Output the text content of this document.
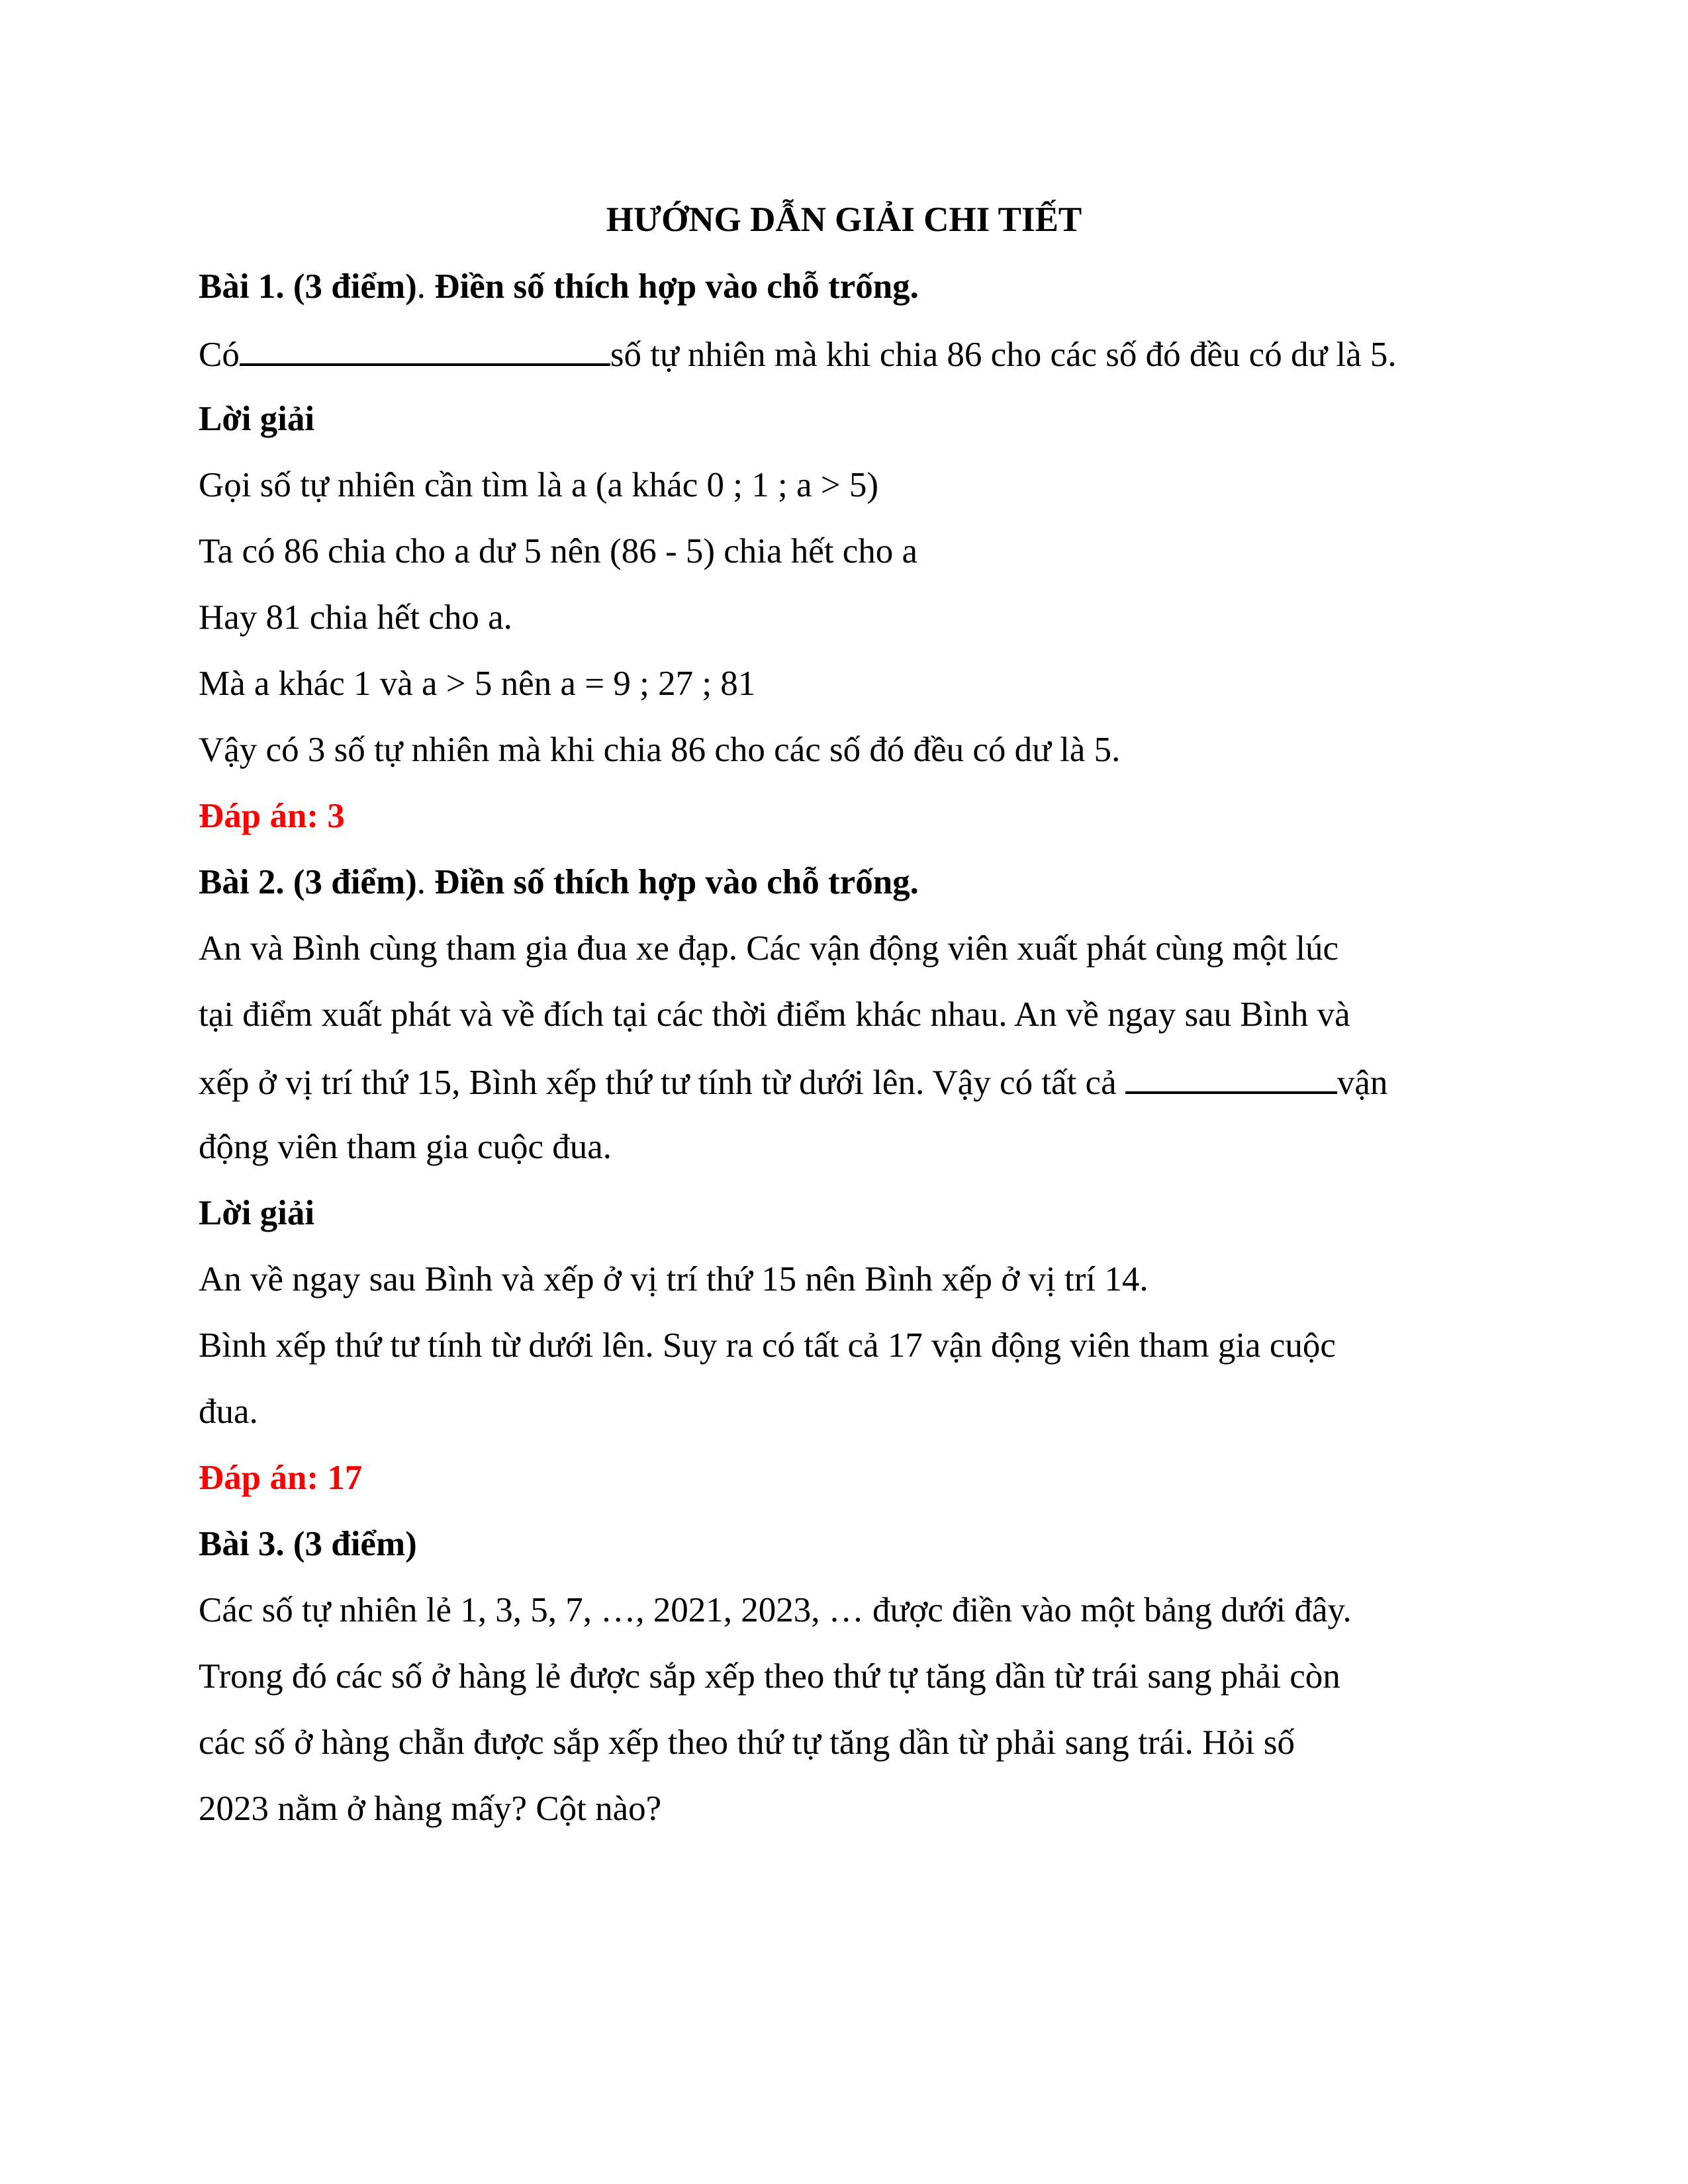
HƯỚNG DẪN GIẢI CHI TIẾT
Bài 1. (3 điểm). Điền số thích hợp vào chỗ trống.
Có	số tự nhiên mà khi chia 86 cho các số đó đều có dư là 5.
Lời giải
Gọi số tự nhiên cần tìm là a (a khác 0 ; 1 ; a > 5)
Ta có 86 chia cho a dư 5 nên (86 - 5) chia hết cho a
Hay 81 chia hết cho a.
Mà a khác 1 và a > 5 nên a = 9 ; 27 ; 81
Vậy có 3 số tự nhiên mà khi chia 86 cho các số đó đều có dư là 5.
Đáp án: 3
Bài 2. (3 điểm). Điền số thích hợp vào chỗ trống.
An và Bình cùng tham gia đua xe đạp. Các vận động viên xuất phát cùng một lúc
tại điểm xuất phát và về đích tại các thời điểm khác nhau. An về ngay sau Bình và
xếp ở vị trí thứ 15, Bình xếp thứ tư tính từ dưới lên. Vậy có tất cả	vận
động viên tham gia cuộc đua.
Lời giải
An về ngay sau Bình và xếp ở vị trí thứ 15 nên Bình xếp ở vị trí 14.
Bình xếp thứ tư tính từ dưới lên. Suy ra có tất cả 17 vận động viên tham gia cuộc
đua.
Đáp án: 17
Bài 3. (3 điểm)
Các số tự nhiên lẻ 1, 3, 5, 7, …, 2021, 2023, … được điền vào một bảng dưới đây.
Trong đó các số ở hàng lẻ được sắp xếp theo thứ tự tăng dần từ trái sang phải còn
các số ở hàng chẵn được sắp xếp theo thứ tự tăng dần từ phải sang trái. Hỏi số
2023 nằm ở hàng mấy? Cột nào?
